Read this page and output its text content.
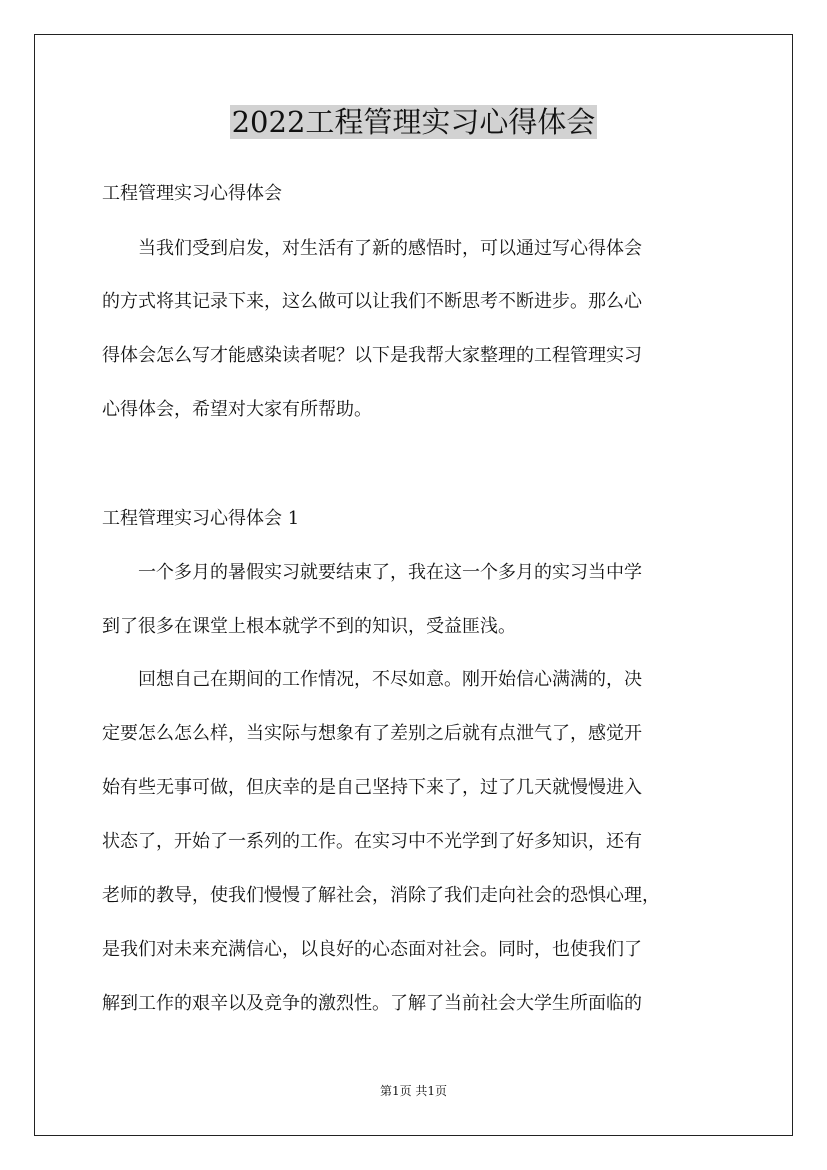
2022工程管理实习心得体会
工程管理实习心得体会
　　当我们受到启发，对生活有了新的感悟时，可以通过写心得体会
的方式将其记录下来，这么做可以让我们不断思考不断进步。那么心
得体会怎么写才能感染读者呢？以下是我帮大家整理的工程管理实习
心得体会，希望对大家有所帮助。
工程管理实习心得体会 1
　　一个多月的暑假实习就要结束了，我在这一个多月的实习当中学
到了很多在课堂上根本就学不到的知识，受益匪浅。
　　回想自己在期间的工作情况，不尽如意。刚开始信心满满的，决
定要怎么怎么样，当实际与想象有了差别之后就有点泄气了，感觉开
始有些无事可做，但庆幸的是自己坚持下来了，过了几天就慢慢进入
状态了，开始了一系列的工作。在实习中不光学到了好多知识，还有
老师的教导，使我们慢慢了解社会，消除了我们走向社会的恐惧心理，
是我们对未来充满信心，以良好的心态面对社会。同时，也使我们了
解到工作的艰辛以及竞争的激烈性。了解了当前社会大学生所面临的
第1页 共1页
